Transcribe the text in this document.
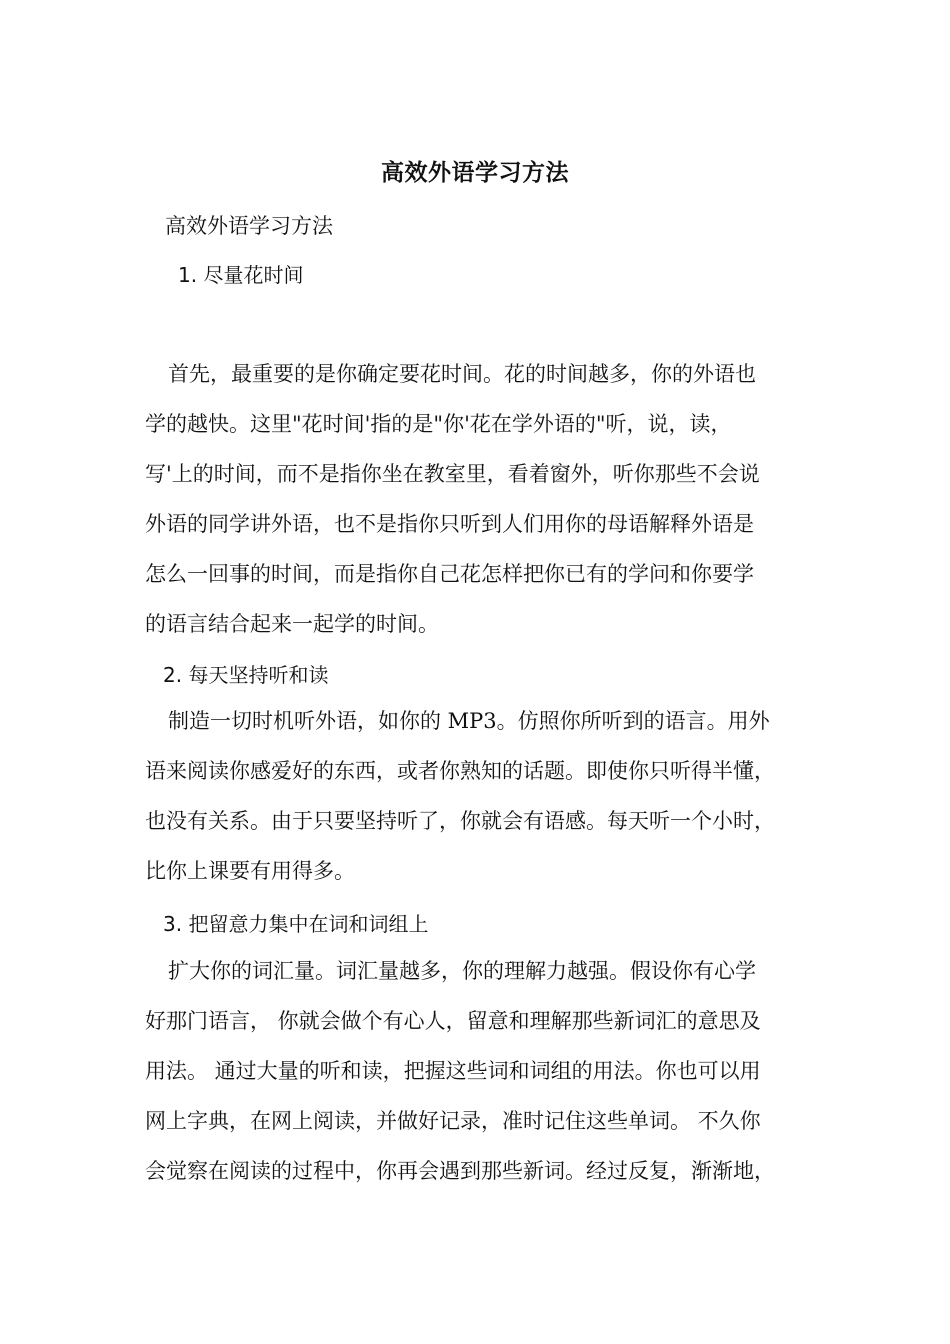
高效外语学习方法
高效外语学习方法
1. 尽量花时间
首先，最重要的是你确定要花时间。花的时间越多，你的外语也
学的越快。这里"花时间'指的是"你'花在学外语的"听，说，读，
写'上的时间，而不是指你坐在教室里，看着窗外，听你那些不会说
外语的同学讲外语，也不是指你只听到人们用你的母语解释外语是
怎么一回事的时间，而是指你自己花怎样把你已有的学问和你要学
的语言结合起来一起学的时间。
2. 每天坚持听和读
制造一切时机听外语，如你的 MP3。仿照你所听到的语言。用外
语来阅读你感爱好的东西，或者你熟知的话题。即使你只听得半懂，
也没有关系。由于只要坚持听了，你就会有语感。每天听一个小时，
比你上课要有用得多。
3. 把留意力集中在词和词组上
扩大你的词汇量。词汇量越多，你的理解力越强。假设你有心学
好那门语言， 你就会做个有心人，留意和理解那些新词汇的意思及
用法。 通过大量的听和读，把握这些词和词组的用法。你也可以用
网上字典，在网上阅读，并做好记录，准时记住这些单词。 不久你
会觉察在阅读的过程中，你再会遇到那些新词。经过反复，渐渐地，
